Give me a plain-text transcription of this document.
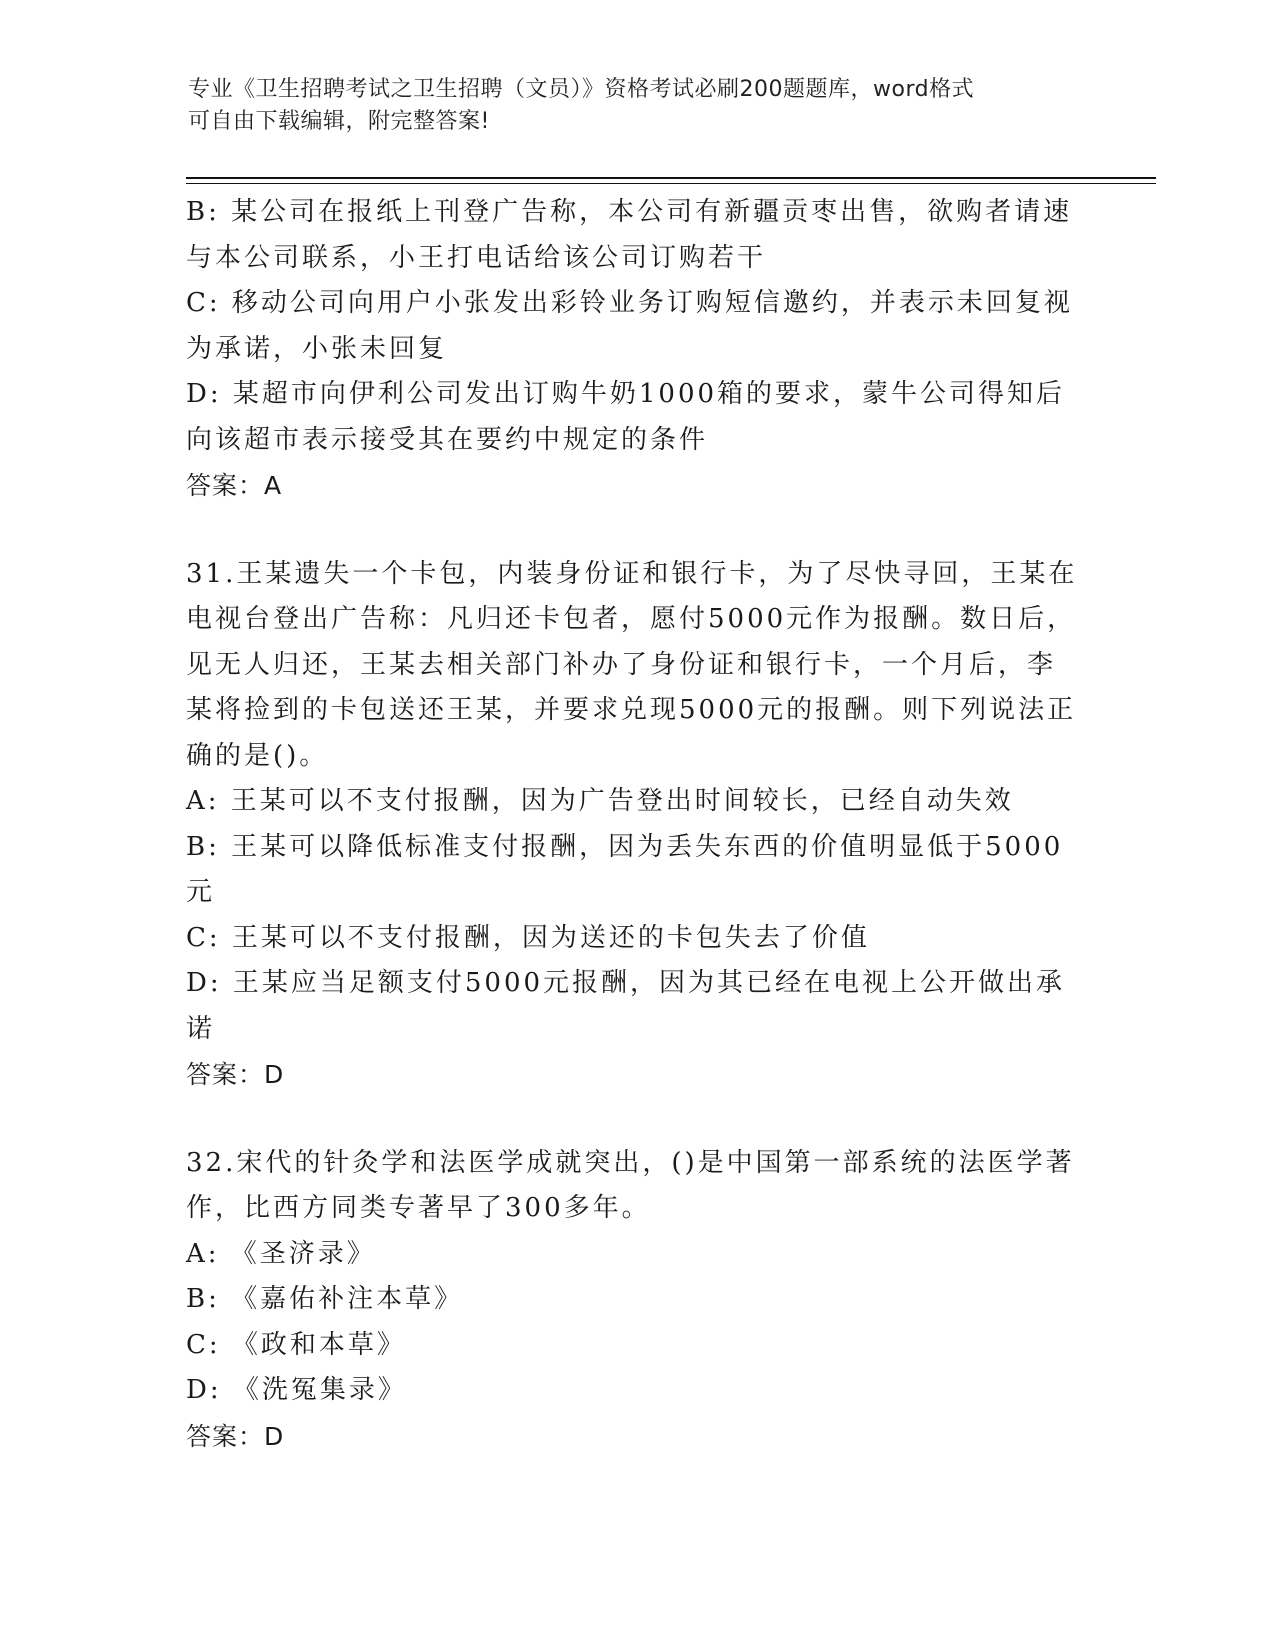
专业《卫生招聘考试之卫生招聘（文员）》资格考试必刷200题题库，word格式
可自由下载编辑，附完整答案!
B: 某公司在报纸上刊登广告称，本公司有新疆贡枣出售，欲购者请速
与本公司联系，小王打电话给该公司订购若干
C: 移动公司向用户小张发出彩铃业务订购短信邀约，并表示未回复视
为承诺，小张未回复
D: 某超市向伊利公司发出订购牛奶1000箱的要求，蒙牛公司得知后
向该超市表示接受其在要约中规定的条件
答案：A
31.王某遗失一个卡包，内装身份证和银行卡，为了尽快寻回，王某在
电视台登出广告称：凡归还卡包者，愿付5000元作为报酬。数日后，
见无人归还，王某去相关部门补办了身份证和银行卡，一个月后，李
某将捡到的卡包送还王某，并要求兑现5000元的报酬。则下列说法正
确的是()。
A: 王某可以不支付报酬，因为广告登出时间较长，已经自动失效
B: 王某可以降低标准支付报酬，因为丢失东西的价值明显低于5000
元
C: 王某可以不支付报酬，因为送还的卡包失去了价值
D: 王某应当足额支付5000元报酬，因为其已经在电视上公开做出承
诺
答案：D
32.宋代的针灸学和法医学成就突出，()是中国第一部系统的法医学著
作，比西方同类专著早了300多年。
A: 《圣济录》
B: 《嘉佑补注本草》
C: 《政和本草》
D: 《洗冤集录》
答案：D
